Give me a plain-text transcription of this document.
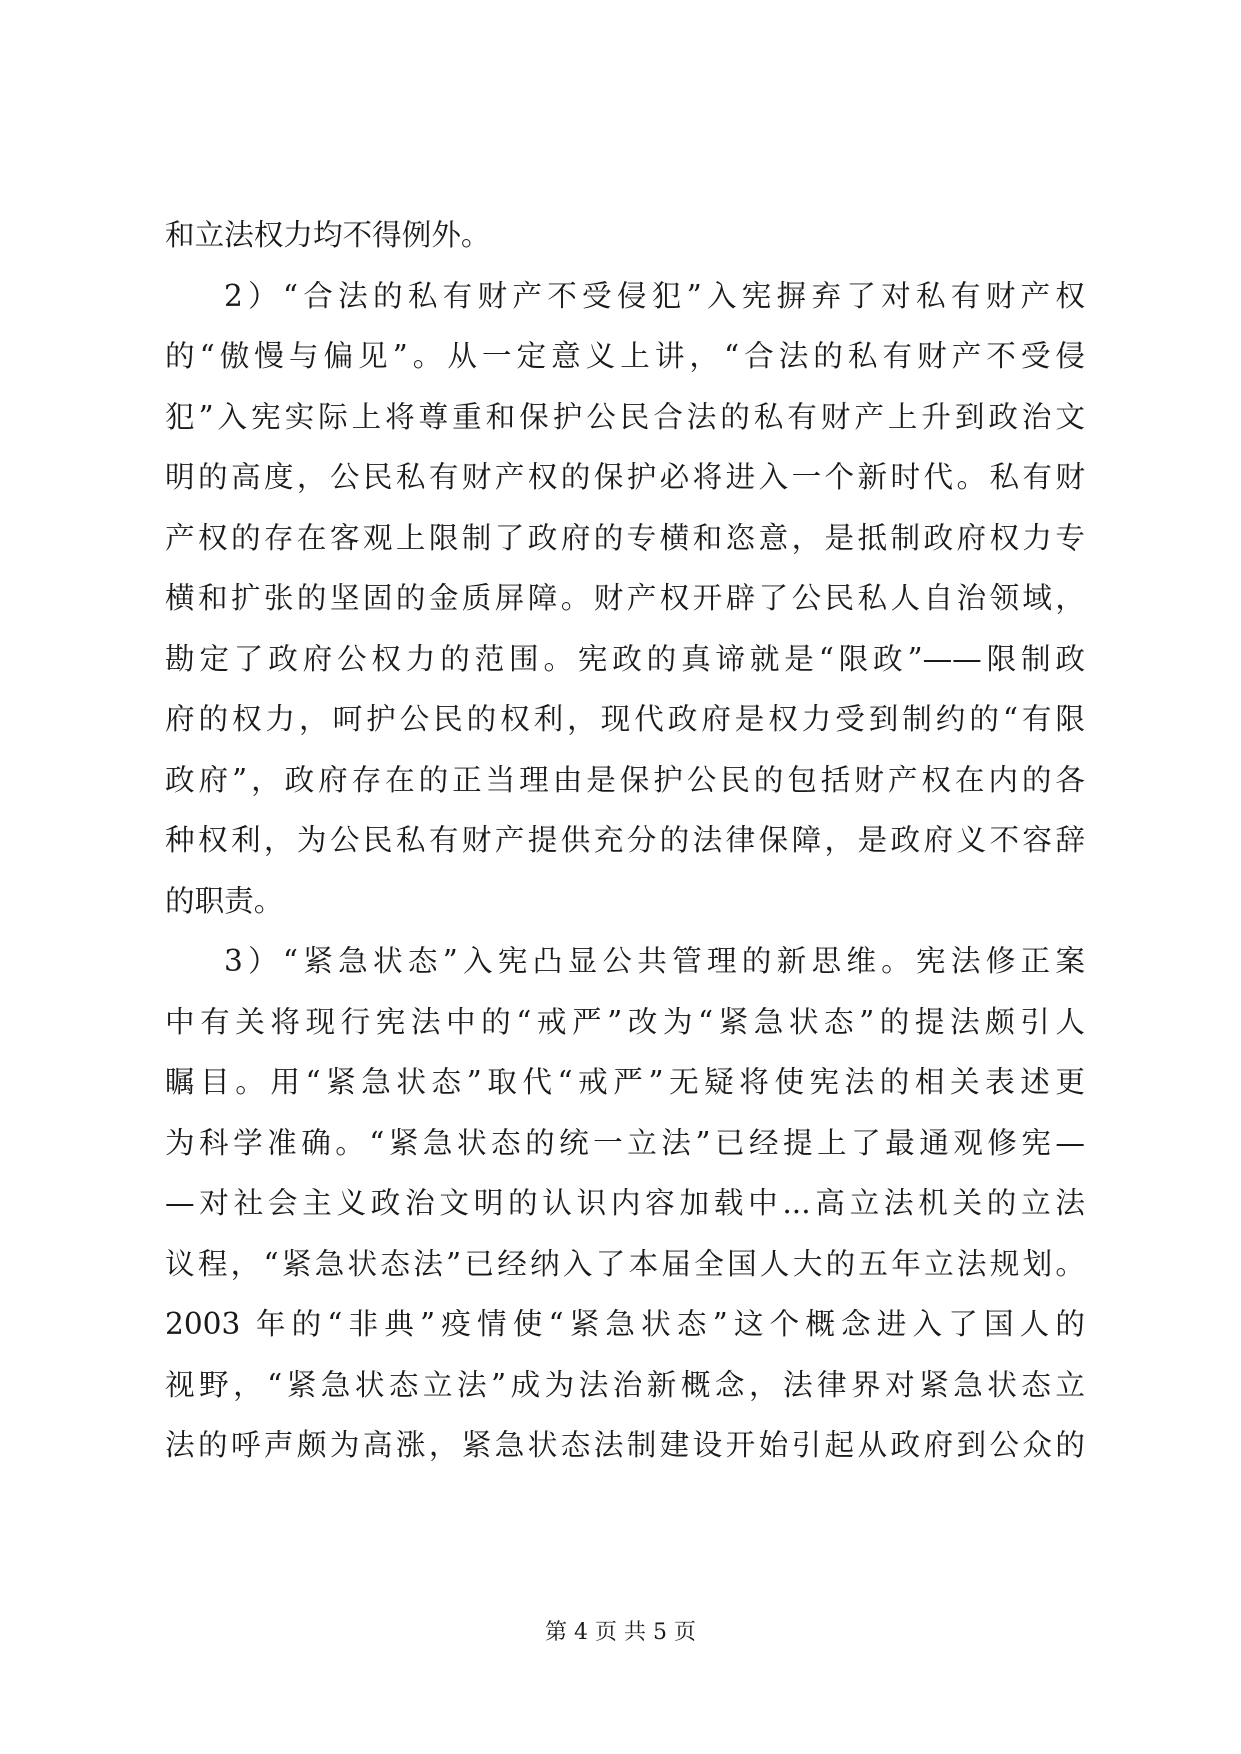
和立法权力均不得例外。
2）“合法的私有财产不受侵犯”入宪摒弃了对私有财产权
的“傲慢与偏见”。从一定意义上讲，“合法的私有财产不受侵
犯”入宪实际上将尊重和保护公民合法的私有财产上升到政治文
明的高度，公民私有财产权的保护必将进入一个新时代。私有财
产权的存在客观上限制了政府的专横和恣意，是抵制政府权力专
横和扩张的坚固的金质屏障。财产权开辟了公民私人自治领域，
勘定了政府公权力的范围。宪政的真谛就是“限政”——限制政
府的权力，呵护公民的权利，现代政府是权力受到制约的“有限
政府”，政府存在的正当理由是保护公民的包括财产权在内的各
种权利，为公民私有财产提供充分的法律保障，是政府义不容辞
的职责。
3）“紧急状态”入宪凸显公共管理的新思维。宪法修正案
中有关将现行宪法中的“戒严”改为“紧急状态”的提法颇引人
瞩目。用“紧急状态”取代“戒严”无疑将使宪法的相关表述更
为科学准确。“紧急状态的统一立法”已经提上了最通观修宪—
—对社会主义政治文明的认识内容加载中...高立法机关的立法
议程，“紧急状态法”已经纳入了本届全国人大的五年立法规划。
2003 年的“非典”疫情使“紧急状态”这个概念进入了国人的
视野，“紧急状态立法”成为法治新概念，法律界对紧急状态立
法的呼声颇为高涨，紧急状态法制建设开始引起从政府到公众的
第 4 页 共 5 页
